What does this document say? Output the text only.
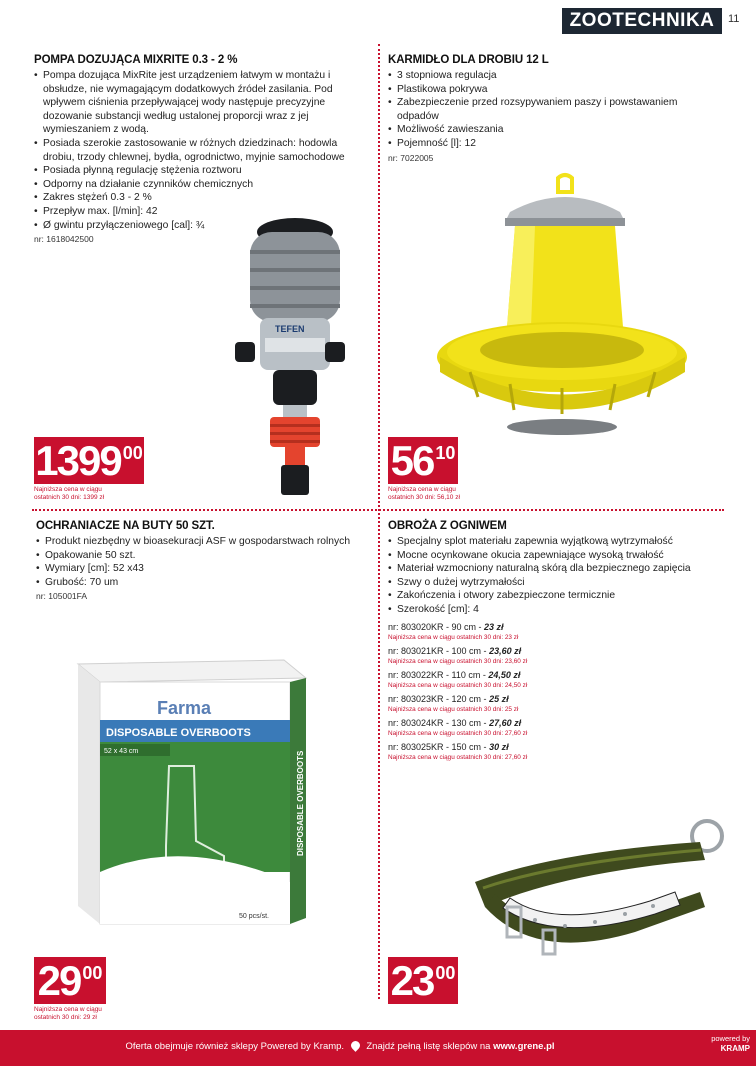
ZOOTECHNIKA	11
POMPA DOZUJĄCA MIXRITE 0.3 - 2 %
• Pompa dozująca MixRite jest urządzeniem łatwym w montażu i obsłudze, nie wymagającym dodatkowych źródeł zasilania. Pod wpływem ciśnienia przepływającej wody następuje precyzyjne dozowanie substancji według ustalonej proporcji wraz z jej wymieszaniem z wodą.
• Posiada szerokie zastosowanie w różnych dziedzinach: hodowla drobiu, trzody chlewnej, bydła, ogrodnictwo, myjnie samochodowe
• Posiada płynną regulację stężenia roztworu
• Odporny na działanie czynników chemicznych
• Zakres stężeń 0.3 - 2 %
• Przepływ max. [l/min]: 42
• Ø gwintu przyłączeniowego [cal]: ¾
nr: 1618042500
TEFEN
1399 00
Najniższa cena w ciągu
ostatnich 30 dni: 1399 zł
KARMIDŁO DLA DROBIU 12 L
• 3 stopniowa regulacja
• Plastikowa pokrywa
• Zabezpieczenie przed rozsypywaniem paszy i powstawaniem odpadów
• Możliwość zawieszania
• Pojemność [l]: 12
nr: 7022005
56 10
Najniższa cena w ciągu
ostatnich 30 dni: 56,10 zł
OCHRANIACZE NA BUTY 50 SZT.
• Produkt niezbędny w bioasekuracji ASF w gospodarstwach rolnych
• Opakowanie 50 szt.
• Wymiary [cm]: 52 x43
• Grubość: 70 um
nr: 105001FA
Farma
DISPOSABLE OVERBOOTS
52 x 43 cm
50 pcs/st.
DISPOSABLE OVERBOOTS
29 00
Najniższa cena w ciągu
ostatnich 30 dni: 29 zł
OBROŻA Z OGNIWEM
• Specjalny splot materiału zapewnia wyjątkową wytrzymałość
• Mocne ocynkowane okucia zapewniające wysoką trwałość
• Materiał wzmocniony naturalną skórą dla bezpiecznego zapięcia
• Szwy o dużej wytrzymałości
• Zakończenia i otwory zabezpieczone termicznie
• Szerokość [cm]: 4
nr: 803020KR - 90 cm - 23 zł
Najniższa cena w ciągu ostatnich 30 dni: 23 zł
nr: 803021KR - 100 cm - 23,60 zł
Najniższa cena w ciągu ostatnich 30 dni: 23,60 zł
nr: 803022KR - 110 cm - 24,50 zł
Najniższa cena w ciągu ostatnich 30 dni: 24,50 zł
nr: 803023KR - 120 cm - 25 zł
Najniższa cena w ciągu ostatnich 30 dni: 25 zł
nr: 803024KR - 130 cm - 27,60 zł
Najniższa cena w ciągu ostatnich 30 dni: 27,60 zł
nr: 803025KR - 150 cm - 30 zł
Najniższa cena w ciągu ostatnich 30 dni: 27,60 zł
23 00
Oferta obejmuje również sklepy Powered by Kramp. Znajdź pełną listę sklepów na www.grene.pl
powered by
KRAMP
